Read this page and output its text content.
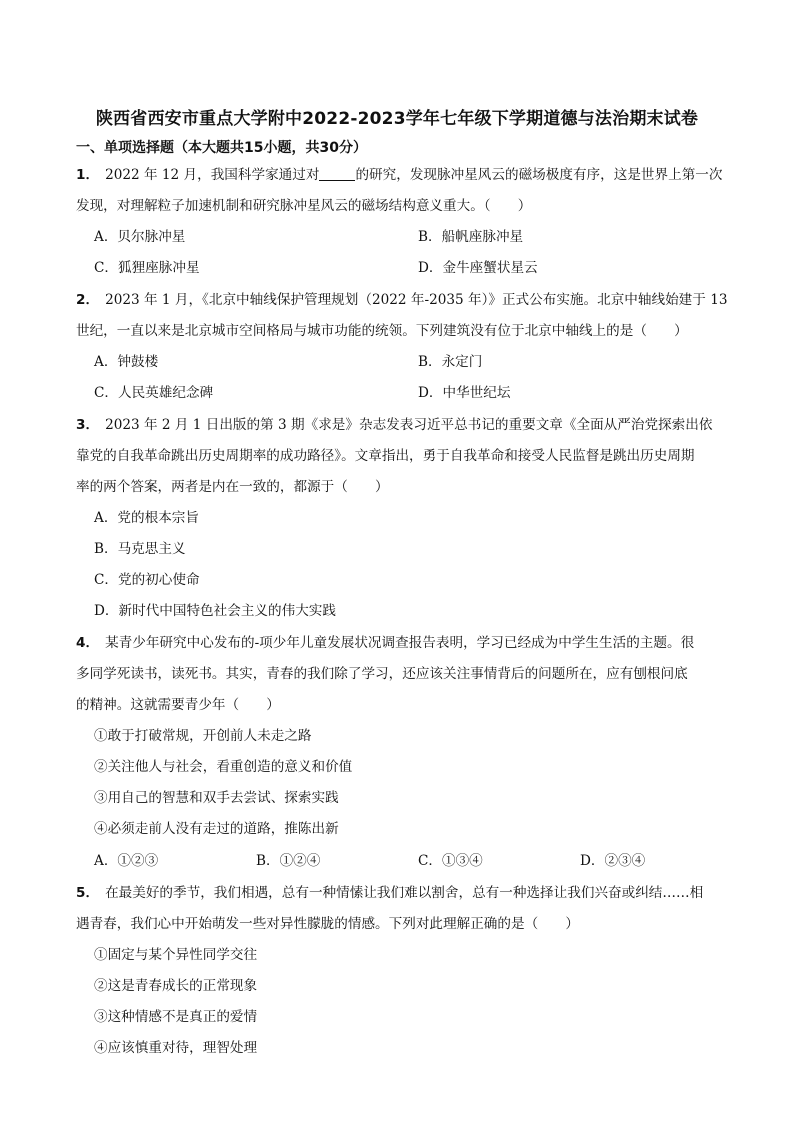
陕西省西安市重点大学附中2022-2023学年七年级下学期道德与法治期末试卷
一、单项选择题（本大题共15小题，共30分）
1． 2022 年 12 月，我国科学家通过对	的研究，发现脉冲星风云的磁场极度有序，这是世界上第一次
发现，对理解粒子加速机制和研究脉冲星风云的磁场结构意义重大。（　　）
A．贝尔脉冲星	B．船帆座脉冲星
C．狐狸座脉冲星	D．金牛座蟹状星云
2． 2023 年 1 月，《北京中轴线保护管理规划（2022 年-2035 年）》正式公布实施。北京中轴线始建于 13
世纪，一直以来是北京城市空间格局与城市功能的统领。下列建筑没有位于北京中轴线上的是（　　）
A．钟鼓楼	B．永定门
C．人民英雄纪念碑	D．中华世纪坛
3． 2023 年 2 月 1 日出版的第 3 期《求是》杂志发表习近平总书记的重要文章《全面从严治党探索出依
靠党的自我革命跳出历史周期率的成功路径》。文章指出，勇于自我革命和接受人民监督是跳出历史周期
率的两个答案，两者是内在一致的，都源于（　　）
A．党的根本宗旨
B．马克思主义
C．党的初心使命
D．新时代中国特色社会主义的伟大实践
4． 某青少年研究中心发布的-项少年儿童发展状况调查报告表明，学习已经成为中学生生活的主题。很
多同学死读书，读死书。其实，青春的我们除了学习，还应该关注事情背后的问题所在，应有刨根问底
的精神。这就需要青少年（　　）
①敢于打破常规，开创前人未走之路
②关注他人与社会，看重创造的意义和价值
③用自己的智慧和双手去尝试、探索实践
④必须走前人没有走过的道路，推陈出新
A．①②③	B．①②④	C．①③④	D．②③④
5． 在最美好的季节，我们相遇，总有一种情愫让我们难以割舍，总有一种选择让我们兴奋或纠结……相
遇青春，我们心中开始萌发一些对异性朦胧的情感。下列对此理解正确的是（　　）
①固定与某个异性同学交往
②这是青春成长的正常现象
③这种情感不是真正的爱情
④应该慎重对待，理智处理
